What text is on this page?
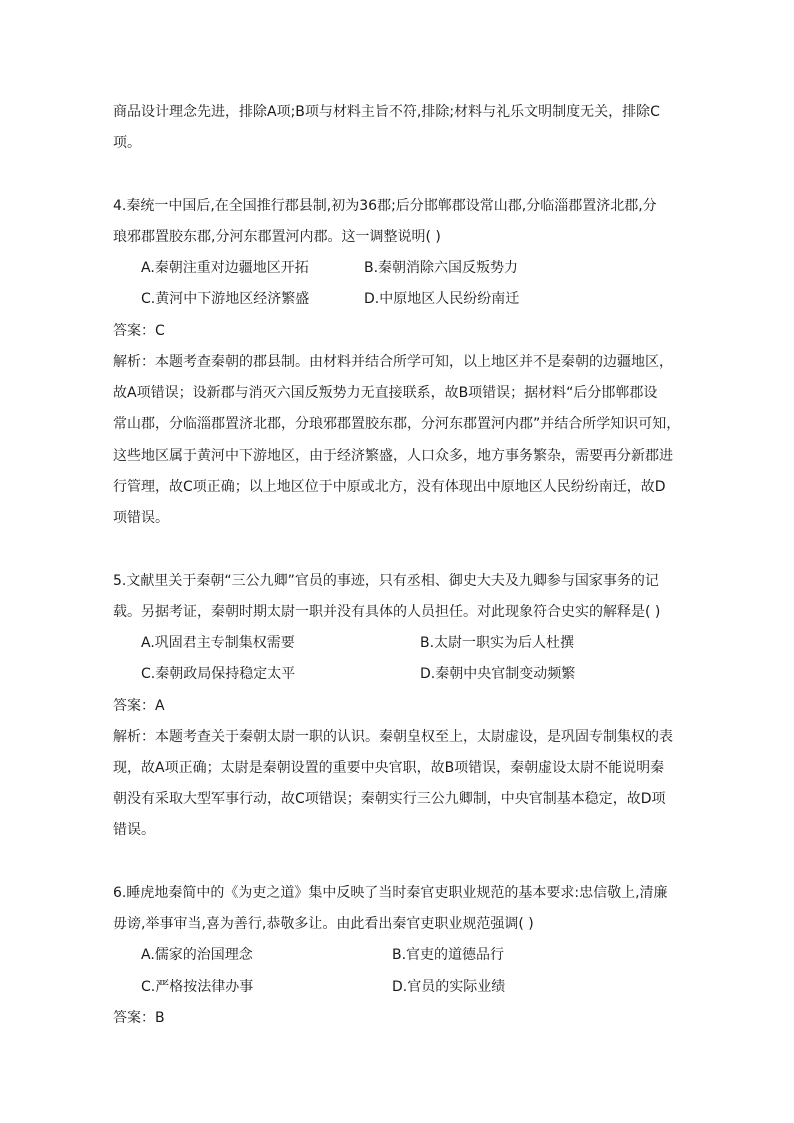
商品设计理念先进，排除A项;B项与材料主旨不符,排除;材料与礼乐文明制度无关，排除C
项。
4.秦统一中国后,在全国推行郡县制,初为36郡;后分邯郸郡设常山郡,分临淄郡置济北郡,分
琅邪郡置胶东郡,分河东郡置河内郡。这一调整说明( )
A.秦朝注重对边疆地区开拓	B.秦朝消除六国反叛势力
C.黄河中下游地区经济繁盛	D.中原地区人民纷纷南迁
答案：C
解析：本题考查秦朝的郡县制。由材料并结合所学可知，以上地区并不是秦朝的边疆地区，
故A项错误；设新郡与消灭六国反叛势力无直接联系，故B项错误；据材料“后分邯郸郡设
常山郡，分临淄郡置济北郡，分琅邪郡置胶东郡，分河东郡置河内郡”并结合所学知识可知，
这些地区属于黄河中下游地区，由于经济繁盛，人口众多，地方事务繁杂，需要再分新郡进
行管理，故C项正确；以上地区位于中原或北方，没有体现出中原地区人民纷纷南迁，故D
项错误。
5.文献里关于秦朝“三公九卿”官员的事迹，只有丞相、御史大夫及九卿参与国家事务的记
载。另据考证，秦朝时期太尉一职并没有具体的人员担任。对此现象符合史实的解释是( )
A.巩固君主专制集权需要	B.太尉一职实为后人杜撰
C.秦朝政局保持稳定太平	D.秦朝中央官制变动频繁
答案：A
解析：本题考查关于秦朝太尉一职的认识。秦朝皇权至上，太尉虚设，是巩固专制集权的表
现，故A项正确；太尉是秦朝设置的重要中央官职，故B项错误，秦朝虚设太尉不能说明秦
朝没有采取大型军事行动，故C项错误；秦朝实行三公九卿制，中央官制基本稳定，故D项
错误。
6.睡虎地秦简中的《为吏之道》集中反映了当时秦官吏职业规范的基本要求:忠信敬上,清廉
毋谤,举事审当,喜为善行,恭敬多让。由此看出秦官吏职业规范强调( )
A.儒家的治国理念	B.官吏的道德品行
C.严格按法律办事	D.官员的实际业绩
答案：B
